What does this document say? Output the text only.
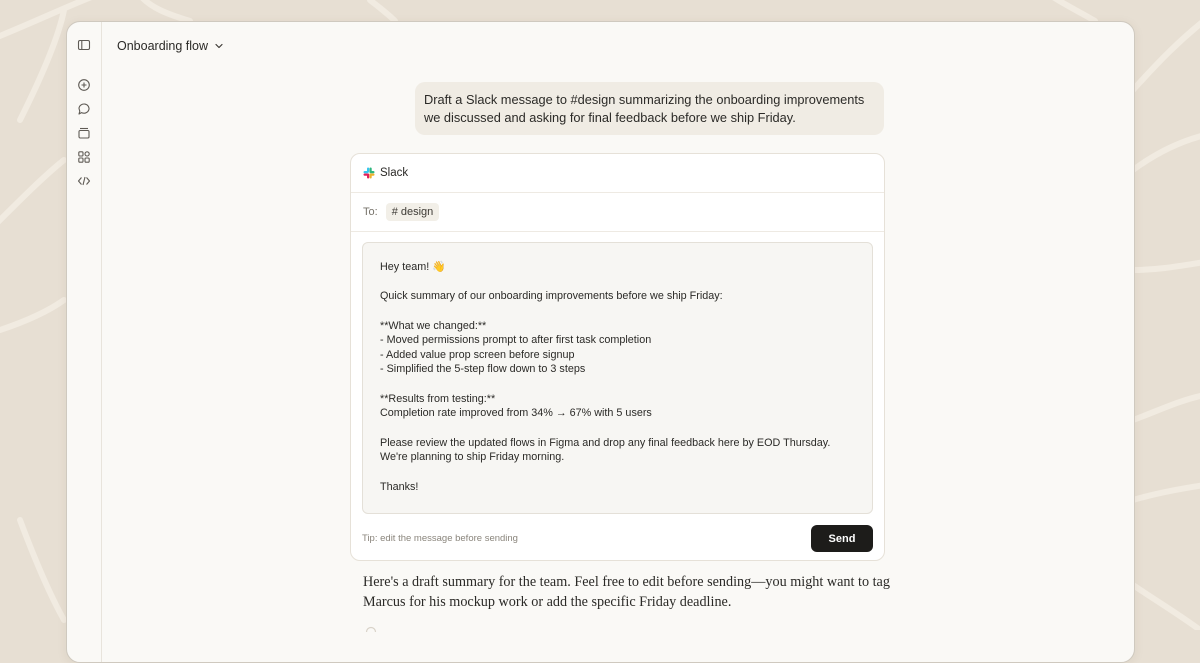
Onboarding flow
Draft a Slack message to #design summarizing the onboarding improvements
we discussed and asking for final feedback before we ship Friday.
Slack
To:	# design
Hey team! 👋
Quick summary of our onboarding improvements before we ship Friday:
**What we changed:**
- Moved permissions prompt to after first task completion
- Added value prop screen before signup
- Simplified the 5-step flow down to 3 steps
**Results from testing:**
Completion rate improved from 34% → 67% with 5 users
Please review the updated flows in Figma and drop any final feedback here by EOD Thursday.
We're planning to ship Friday morning.
Thanks!
Tip: edit the message before sending	Send
Here's a draft summary for the team. Feel free to edit before sending—you might want to tag
Marcus for his mockup work or add the specific Friday deadline.
